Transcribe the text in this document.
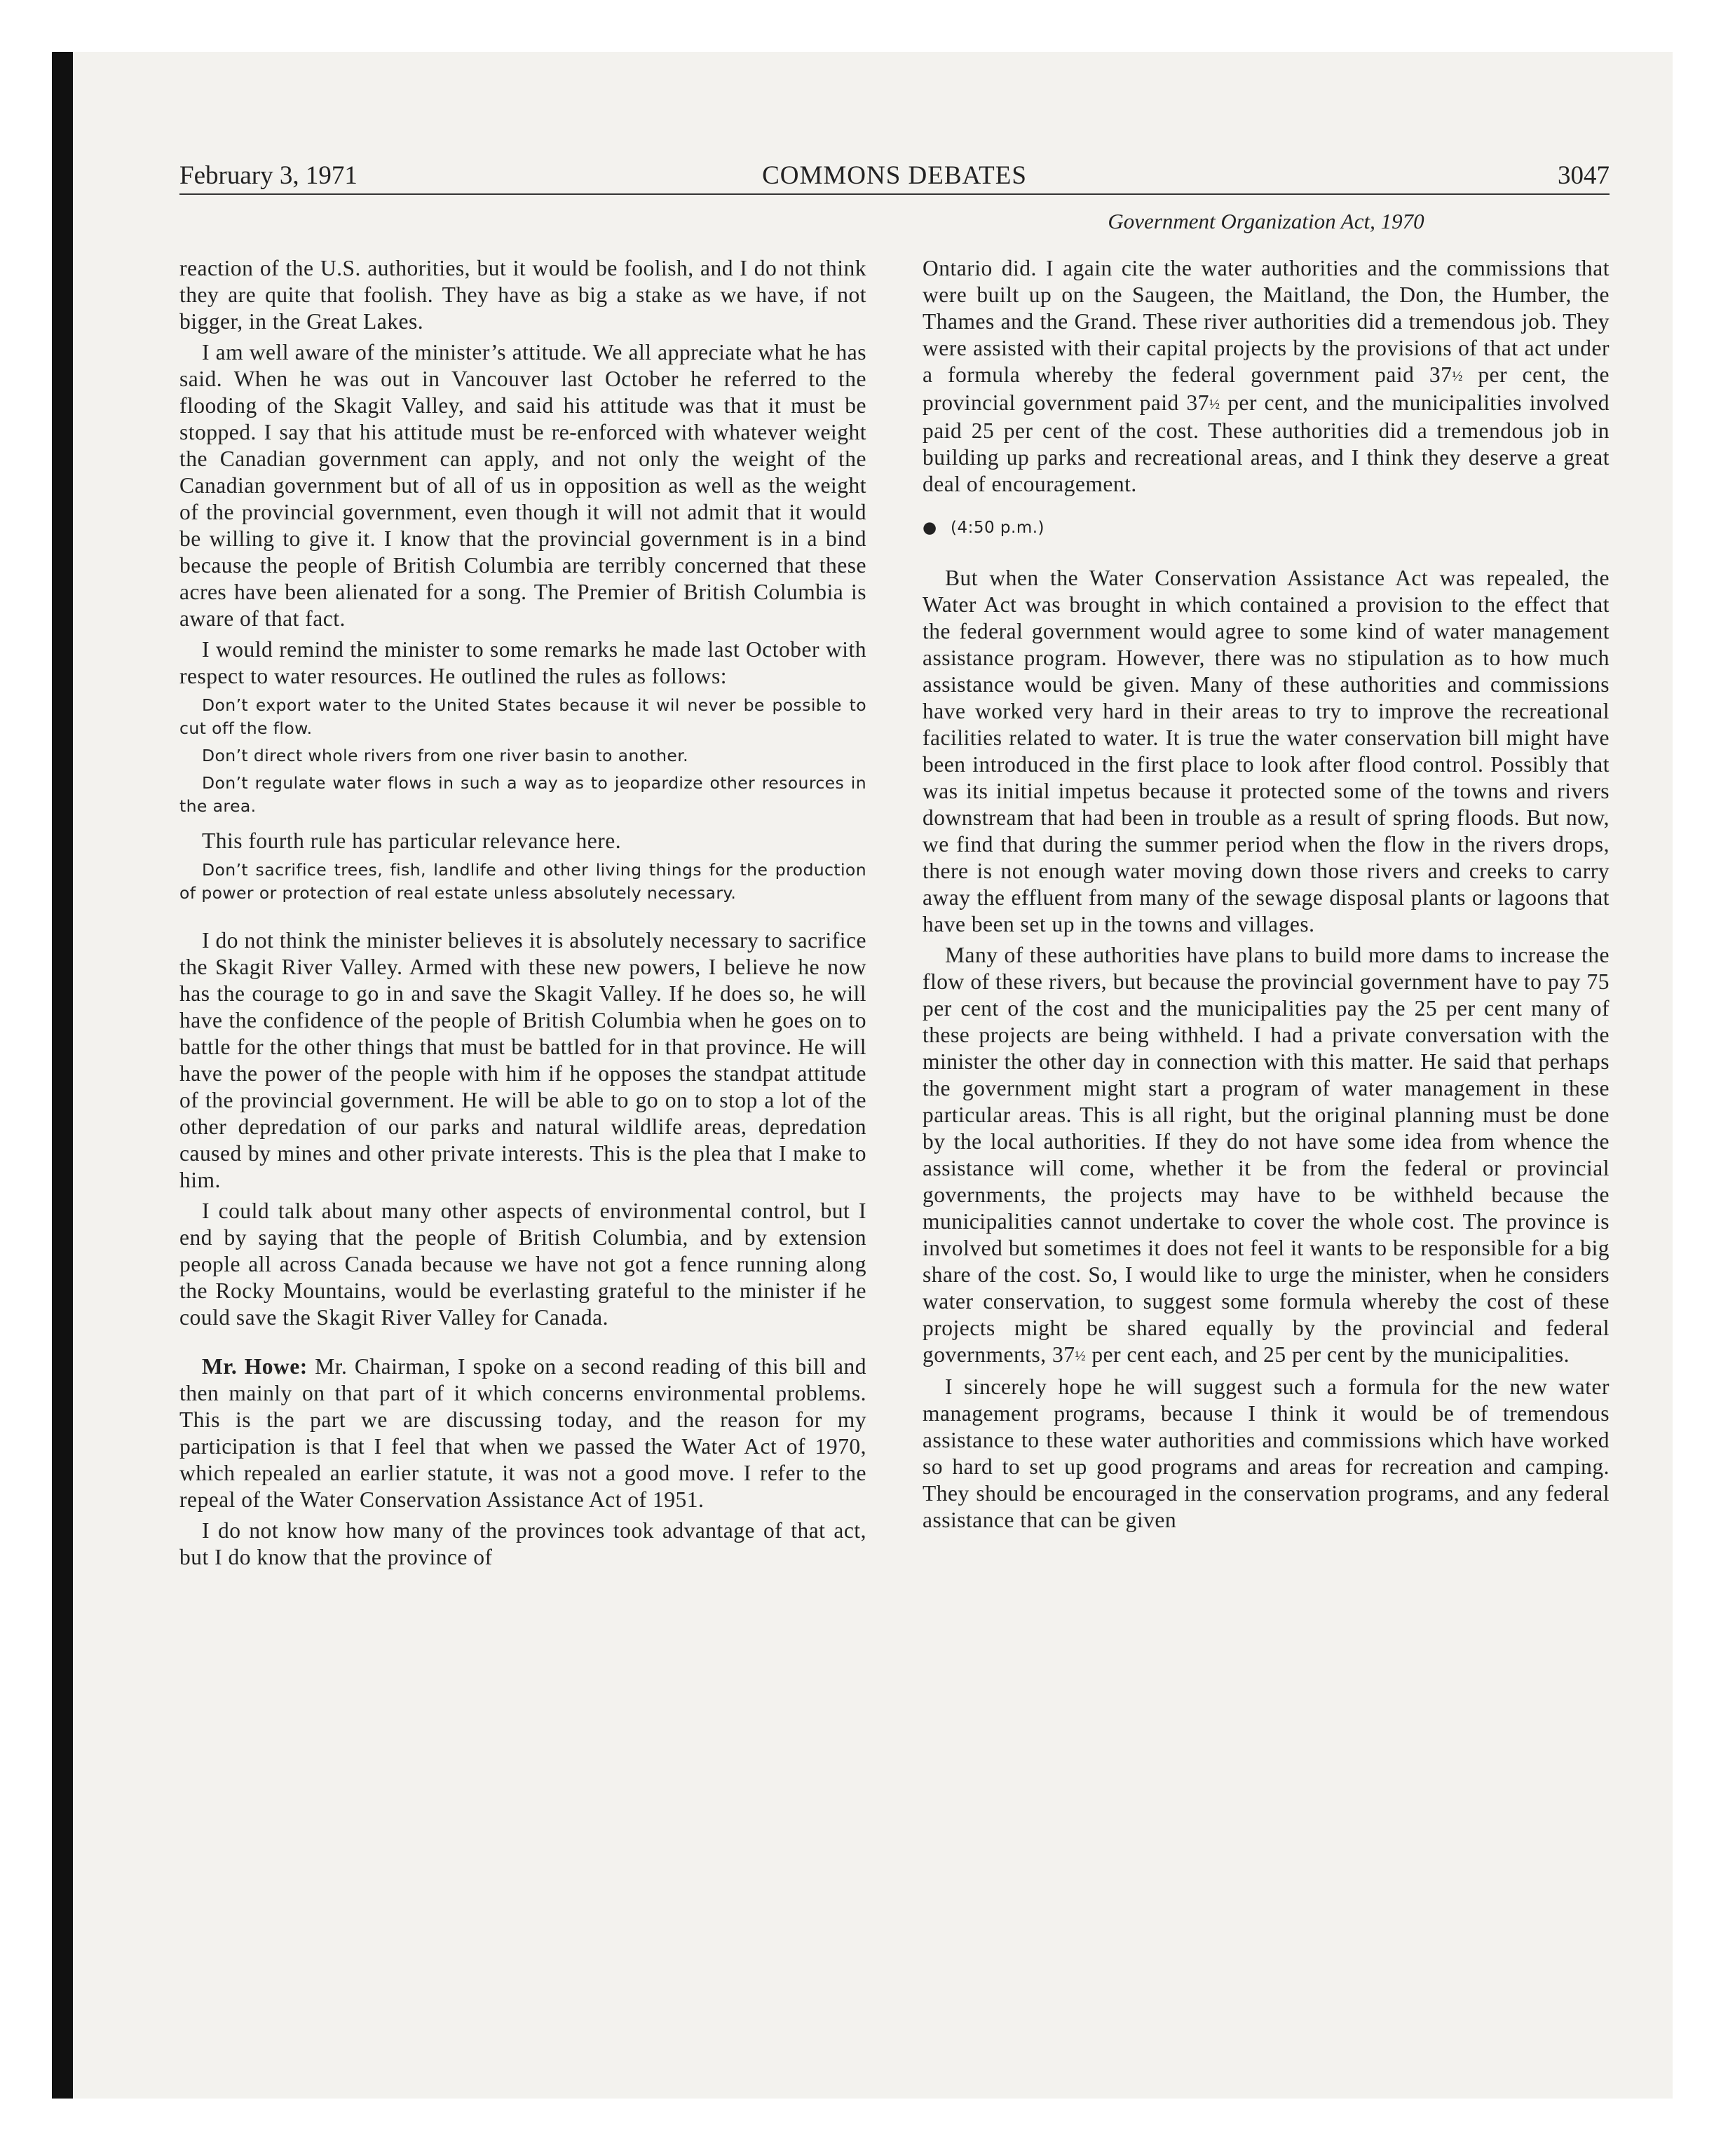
February 3, 1971	COMMONS DEBATES	3047
Government Organization Act, 1970

reaction of the U.S. authorities, but it would be foolish, and I do not think they are quite that foolish. They have as big a stake as we have, if not bigger, in the Great Lakes.

I am well aware of the minister’s attitude. We all appreciate what he has said. When he was out in Vancouver last October he referred to the flooding of the Skagit Valley, and said his attitude was that it must be stopped. I say that his attitude must be re-enforced with whatever weight the Canadian government can apply, and not only the weight of the Canadian government but of all of us in opposition as well as the weight of the provincial government, even though it will not admit that it would be willing to give it. I know that the provincial government is in a bind because the people of British Columbia are terribly concerned that these acres have been alienated for a song. The Premier of British Columbia is aware of that fact.

I would remind the minister to some remarks he made last October with respect to water resources. He outlined the rules as follows:

Don’t export water to the United States because it wil never be possible to cut off the flow.

Don’t direct whole rivers from one river basin to another.

Don’t regulate water flows in such a way as to jeopardize other resources in the area.

This fourth rule has particular relevance here.

Don’t sacrifice trees, fish, landlife and other living things for the production of power or protection of real estate unless absolutely necessary.

I do not think the minister believes it is absolutely necessary to sacrifice the Skagit River Valley. Armed with these new powers, I believe he now has the courage to go in and save the Skagit Valley. If he does so, he will have the confidence of the people of British Columbia when he goes on to battle for the other things that must be battled for in that province. He will have the power of the people with him if he opposes the standpat attitude of the provincial government. He will be able to go on to stop a lot of the other depredation of our parks and natural wildlife areas, depredation caused by mines and other private interests. This is the plea that I make to him.

I could talk about many other aspects of environmental control, but I end by saying that the people of British Columbia, and by extension people all across Canada because we have not got a fence running along the Rocky Mountains, would be everlasting grateful to the minister if he could save the Skagit River Valley for Canada.

Mr. Howe: Mr. Chairman, I spoke on a second reading of this bill and then mainly on that part of it which concerns environmental problems. This is the part we are discussing today, and the reason for my participation is that I feel that when we passed the Water Act of 1970, which repealed an earlier statute, it was not a good move. I refer to the repeal of the Water Conservation Assistance Act of 1951.

I do not know how many of the provinces took advantage of that act, but I do know that the province of

Ontario did. I again cite the water authorities and the commissions that were built up on the Saugeen, the Maitland, the Don, the Humber, the Thames and the Grand. These river authorities did a tremendous job. They were assisted with their capital projects by the provisions of that act under a formula whereby the federal government paid 37½ per cent, the provincial government paid 37½ per cent, and the municipalities involved paid 25 per cent of the cost. These authorities did a tremendous job in building up parks and recreational areas, and I think they deserve a great deal of encouragement.

● (4:50 p.m.)

But when the Water Conservation Assistance Act was repealed, the Water Act was brought in which contained a provision to the effect that the federal government would agree to some kind of water management assistance program. However, there was no stipulation as to how much assistance would be given. Many of these authorities and commissions have worked very hard in their areas to try to improve the recreational facilities related to water. It is true the water conservation bill might have been introduced in the first place to look after flood control. Possibly that was its initial impetus because it protected some of the towns and rivers downstream that had been in trouble as a result of spring floods. But now, we find that during the summer period when the flow in the rivers drops, there is not enough water moving down those rivers and creeks to carry away the effluent from many of the sewage disposal plants or lagoons that have been set up in the towns and villages.

Many of these authorities have plans to build more dams to increase the flow of these rivers, but because the provincial government have to pay 75 per cent of the cost and the municipalities pay the 25 per cent many of these projects are being withheld. I had a private conversation with the minister the other day in connection with this matter. He said that perhaps the government might start a program of water management in these particular areas. This is all right, but the original planning must be done by the local authorities. If they do not have some idea from whence the assistance will come, whether it be from the federal or provincial governments, the projects may have to be withheld because the municipalities cannot undertake to cover the whole cost. The province is involved but sometimes it does not feel it wants to be responsible for a big share of the cost. So, I would like to urge the minister, when he considers water conservation, to suggest some formula whereby the cost of these projects might be shared equally by the provincial and federal governments, 37½ per cent each, and 25 per cent by the municipalities.

I sincerely hope he will suggest such a formula for the new water management programs, because I think it would be of tremendous assistance to these water authorities and commissions which have worked so hard to set up good programs and areas for recreation and camping. They should be encouraged in the conservation programs, and any federal assistance that can be given
